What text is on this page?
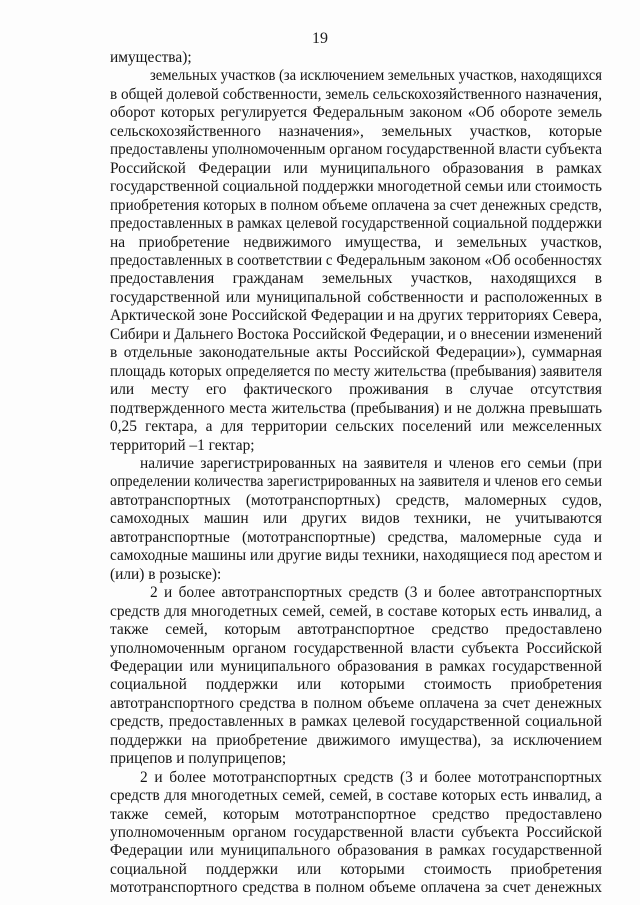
19

имущества);

земельных участков (за исключением земельных участков, находящихся
в общей долевой собственности, земель сельскохозяйственного назначения,
оборот которых регулируется Федеральным законом «Об обороте земель
сельскохозяйственного назначения», земельных участков, которые
предоставлены уполномоченным органом государственной власти субъекта
Российской Федерации или муниципального образования в рамках
государственной социальной поддержки многодетной семьи или стоимость
приобретения которых в полном объеме оплачена за счет денежных средств,
предоставленных в рамках целевой государственной социальной поддержки
на приобретение недвижимого имущества, и земельных участков,
предоставленных в соответствии с Федеральным законом «Об особенностях
предоставления гражданам земельных участков, находящихся в
государственной или муниципальной собственности и расположенных в
Арктической зоне Российской Федерации и на других территориях Севера,
Сибири и Дальнего Востока Российской Федерации, и о внесении изменений
в отдельные законодательные акты Российской Федерации»), суммарная
площадь которых определяется по месту жительства (пребывания) заявителя
или месту его фактического проживания в случае отсутствия
подтвержденного места жительства (пребывания) и не должна превышать
0,25 гектара, а для территории сельских поселений или межселенных
территорий –1 гектар;

наличие зарегистрированных на заявителя и членов его семьи (при
определении количества зарегистрированных на заявителя и членов его семьи
автотранспортных (мототранспортных) средств, маломерных судов,
самоходных машин или других видов техники, не учитываются
автотранспортные (мототранспортные) средства, маломерные суда и
самоходные машины или другие виды техники, находящиеся под арестом и
(или) в розыске):

2 и более автотранспортных средств (3 и более автотранспортных
средств для многодетных семей, семей, в составе которых есть инвалид, а
также семей, которым автотранспортное средство предоставлено
уполномоченным органом государственной власти субъекта Российской
Федерации или муниципального образования в рамках государственной
социальной поддержки или которыми стоимость приобретения
автотранспортного средства в полном объеме оплачена за счет денежных
средств, предоставленных в рамках целевой государственной социальной
поддержки на приобретение движимого имущества), за исключением
прицепов и полуприцепов;

2 и более мототранспортных средств (3 и более мототранспортных
средств для многодетных семей, семей, в составе которых есть инвалид, а
также семей, которым мототранспортное средство предоставлено
уполномоченным органом государственной власти субъекта Российской
Федерации или муниципального образования в рамках государственной
социальной поддержки или которыми стоимость приобретения
мототранспортного средства в полном объеме оплачена за счет денежных
